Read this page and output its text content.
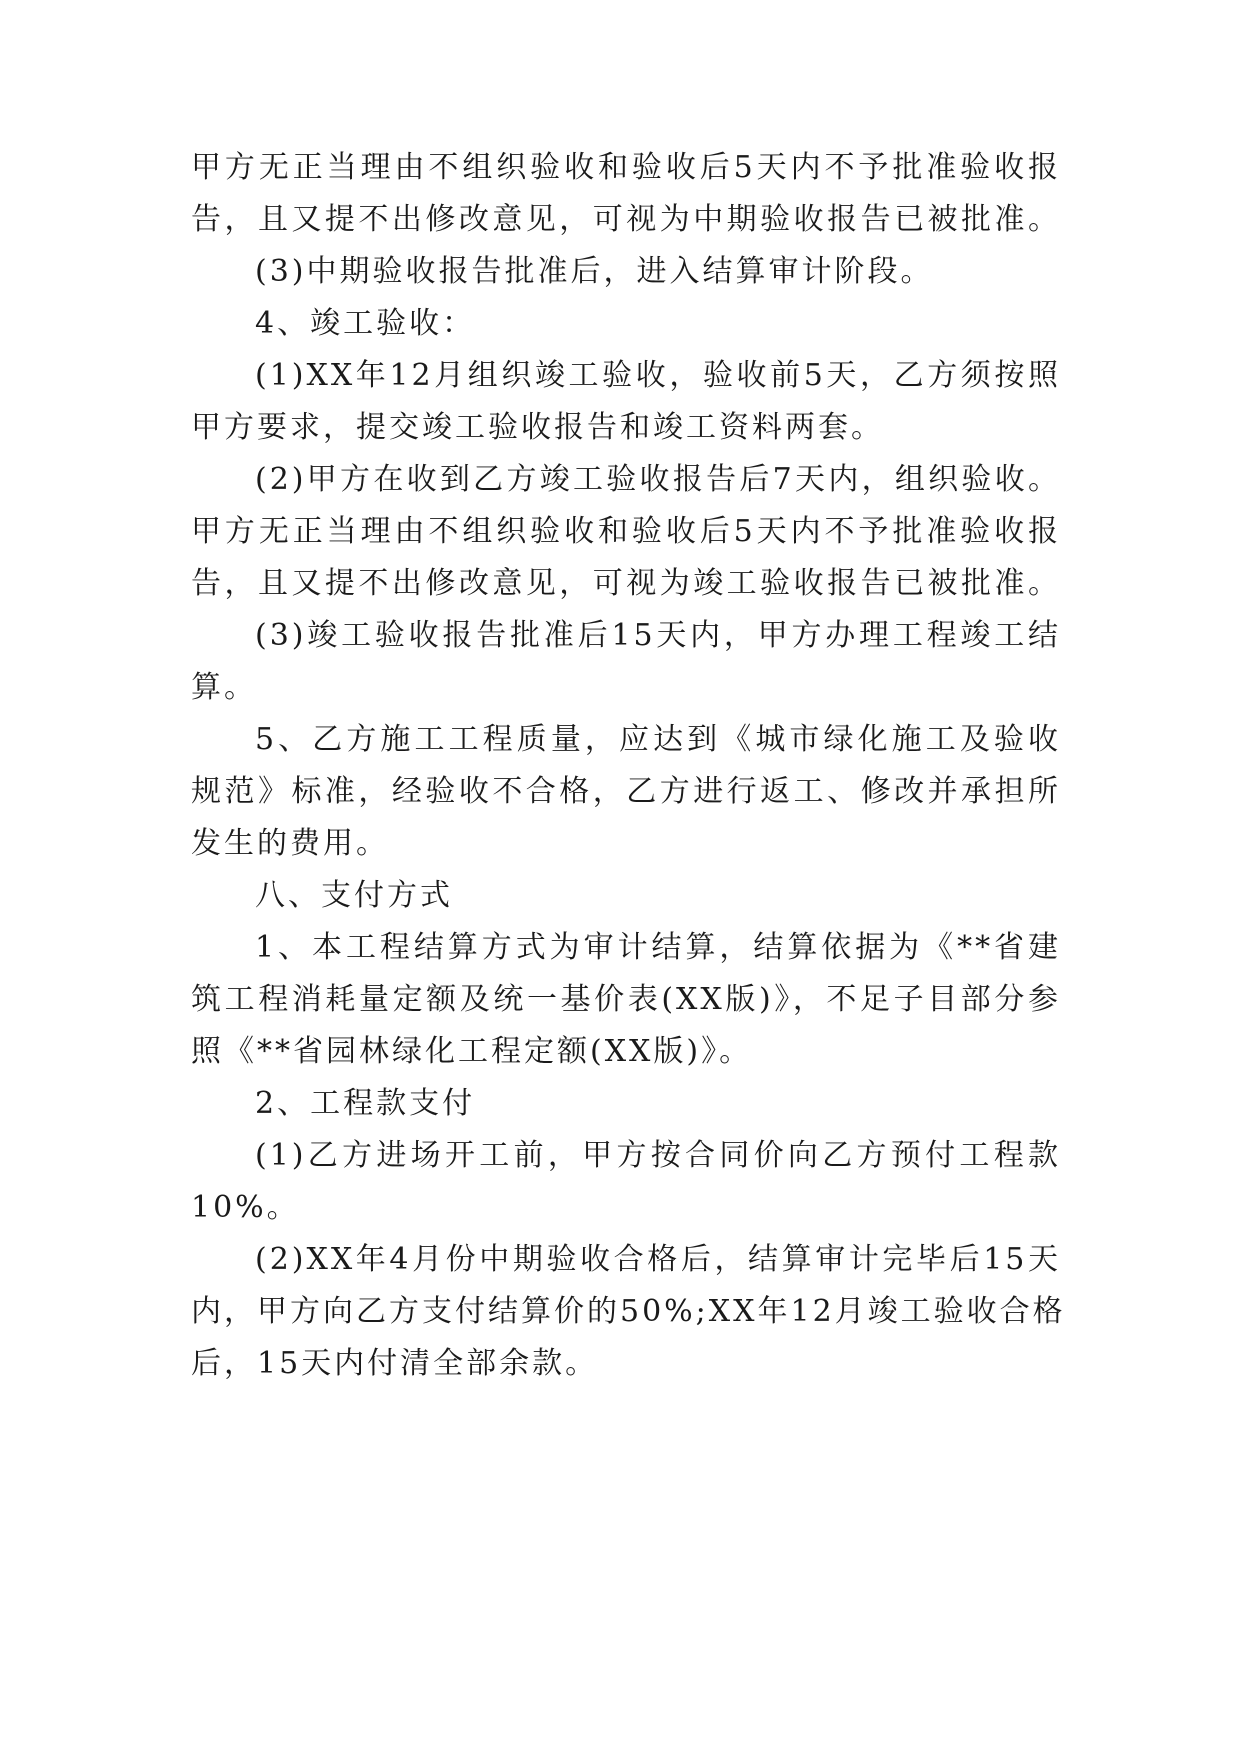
甲方无正当理由不组织验收和验收后5天内不予批准验收报
告，且又提不出修改意见，可视为中期验收报告已被批准。
(3)中期验收报告批准后，进入结算审计阶段。
4、竣工验收：
(1)XX年12月组织竣工验收，验收前5天，乙方须按照
甲方要求，提交竣工验收报告和竣工资料两套。
(2)甲方在收到乙方竣工验收报告后7天内，组织验收。
甲方无正当理由不组织验收和验收后5天内不予批准验收报
告，且又提不出修改意见，可视为竣工验收报告已被批准。
(3)竣工验收报告批准后15天内，甲方办理工程竣工结
算。
5、乙方施工工程质量，应达到《城市绿化施工及验收
规范》标准，经验收不合格，乙方进行返工、修改并承担所
发生的费用。
八、支付方式
1、本工程结算方式为审计结算，结算依据为《**省建
筑工程消耗量定额及统一基价表(XX版)》，不足子目部分参
照《**省园林绿化工程定额(XX版)》。
2、工程款支付
(1)乙方进场开工前，甲方按合同价向乙方预付工程款
10%。
(2)XX年4月份中期验收合格后，结算审计完毕后15天
内，甲方向乙方支付结算价的50%;XX年12月竣工验收合格
后，15天内付清全部余款。
